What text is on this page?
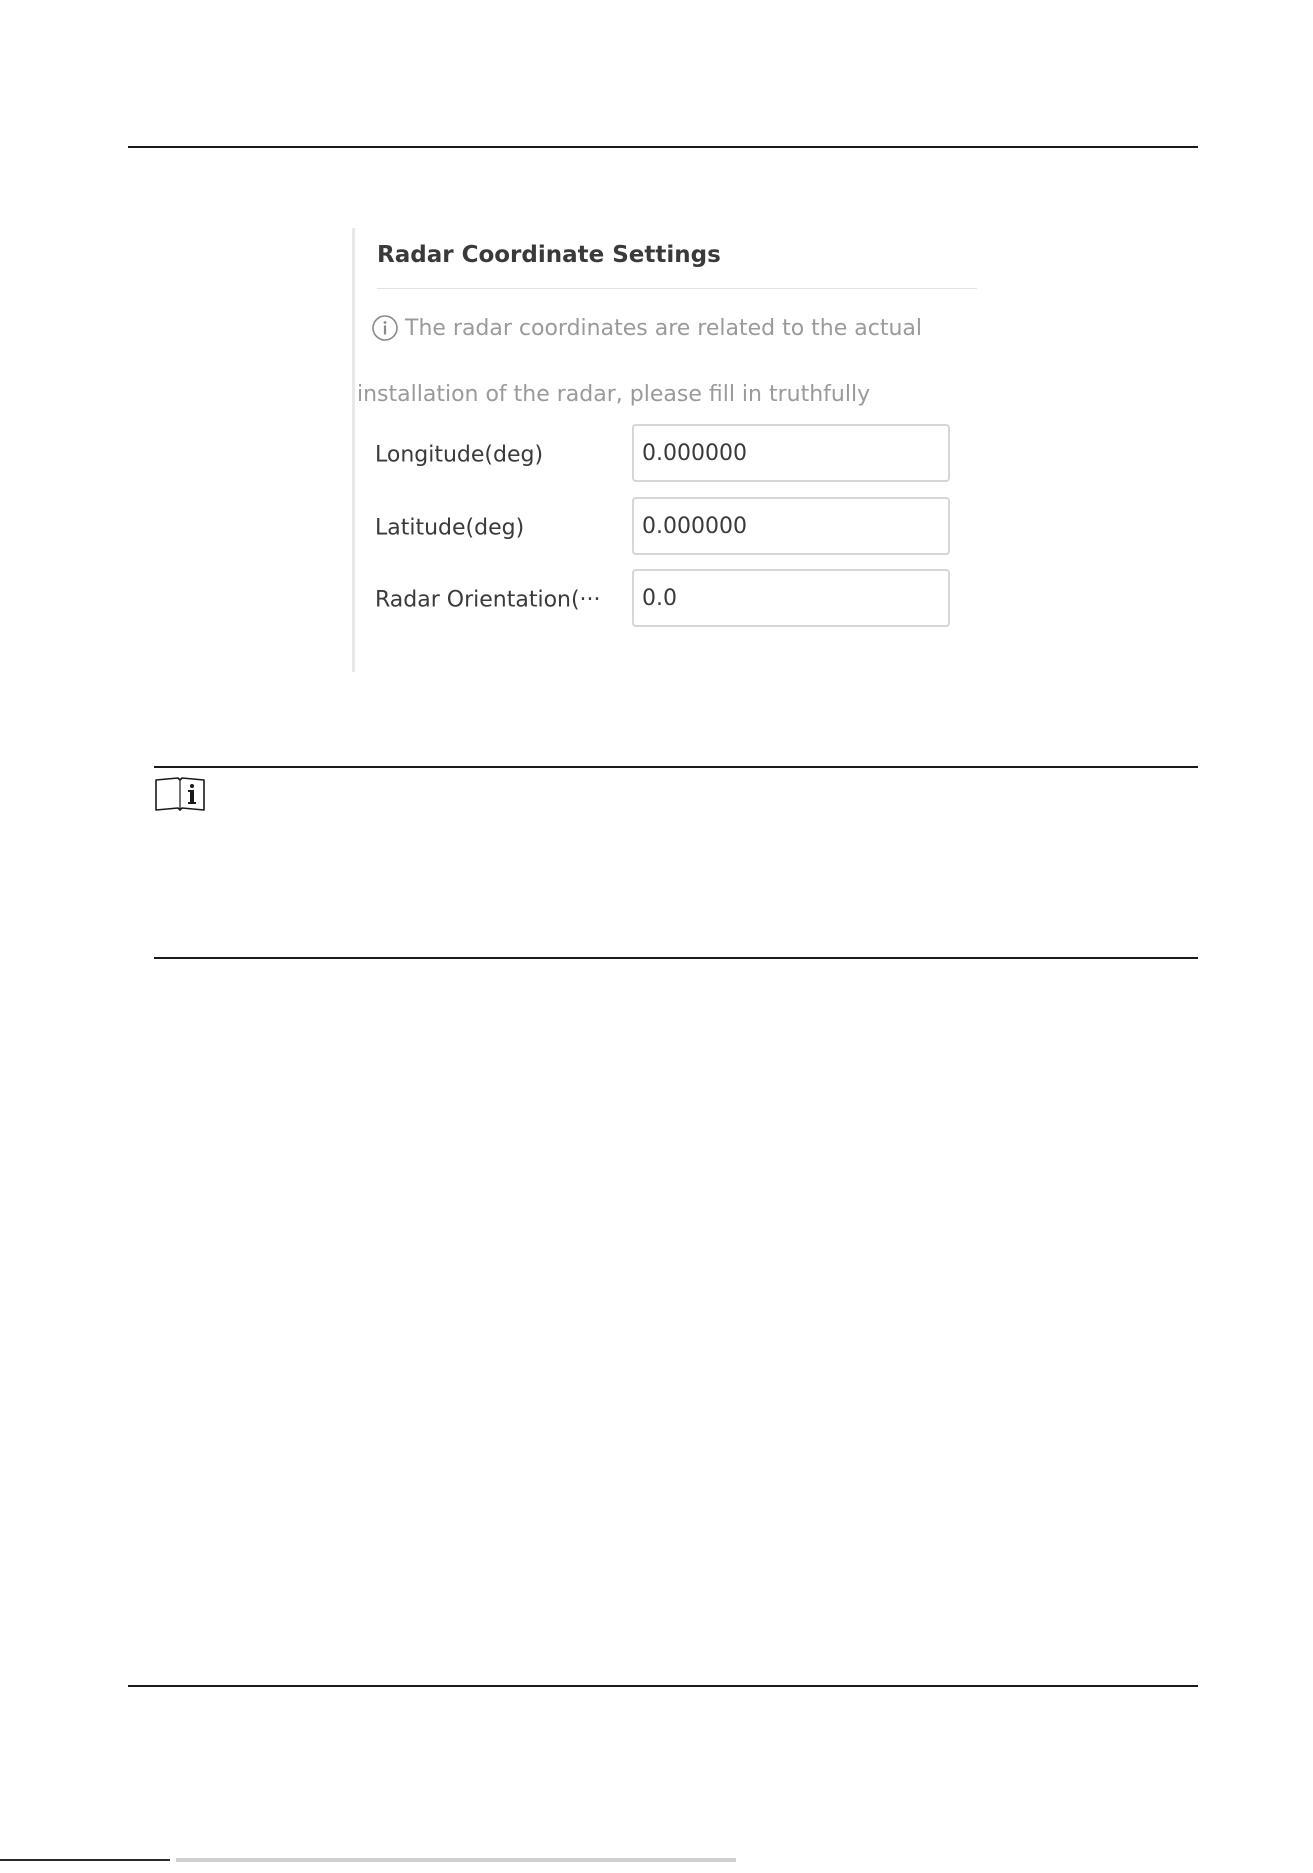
Radar Coordinate Settings
The radar coordinates are related to the actual
installation of the radar, please fill in truthfully
Longitude(deg)
0.000000
Latitude(deg)
0.000000
Radar Orientation(···
0.0
